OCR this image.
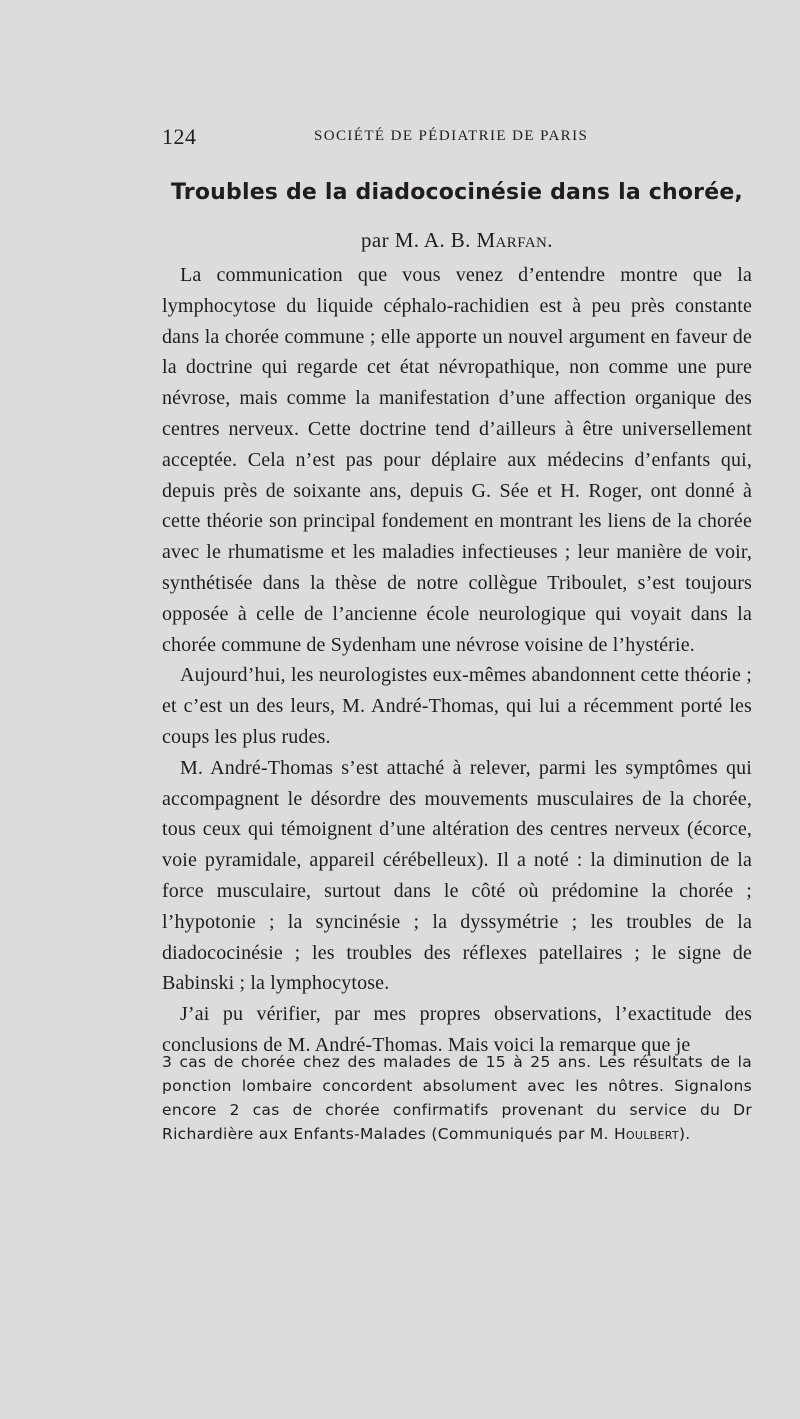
124	SOCIÉTÉ DE PÉDIATRIE DE PARIS
Troubles de la diadococinésie dans la chorée,
par M. A. B. Marfan.

La communication que vous venez d’entendre montre que la lymphocytose du liquide céphalo-rachidien est à peu près constante dans la chorée commune ; elle apporte un nouvel argument en faveur de la doctrine qui regarde cet état névropathique, non comme une pure névrose, mais comme la manifestation d’une affection organique des centres nerveux. Cette doctrine tend d’ailleurs à être universellement acceptée. Cela n’est pas pour déplaire aux médecins d’enfants qui, depuis près de soixante ans, depuis G. Sée et H. Roger, ont donné à cette théorie son principal fondement en montrant les liens de la chorée avec le rhumatisme et les maladies infectieuses ; leur manière de voir, synthétisée dans la thèse de notre collègue Triboulet, s’est toujours opposée à celle de l’ancienne école neurologique qui voyait dans la chorée commune de Sydenham une névrose voisine de l’hystérie.

Aujourd’hui, les neurologistes eux-mêmes abandonnent cette théorie ; et c’est un des leurs, M. André-Thomas, qui lui a récemment porté les coups les plus rudes.

M. André-Thomas s’est attaché à relever, parmi les symptômes qui accompagnent le désordre des mouvements musculaires de la chorée, tous ceux qui témoignent d’une altération des centres nerveux (écorce, voie pyramidale, appareil cérébelleux). Il a noté : la diminution de la force musculaire, surtout dans le côté où prédomine la chorée ; l’hypotonie ; la syncinésie ; la dyssymétrie ; les troubles de la diadococinésie ; les troubles des réflexes patellaires ; le signe de Babinski ; la lymphocytose.

J’ai pu vérifier, par mes propres observations, l’exactitude des conclusions de M. André-Thomas. Mais voici la remarque que je

3 cas de chorée chez des malades de 15 à 25 ans. Les résultats de la ponction lombaire concordent absolument avec les nôtres. Signalons encore 2 cas de chorée confirmatifs provenant du service du Dr Richardière aux Enfants-Malades (Communiqués par M. Houlbert).
